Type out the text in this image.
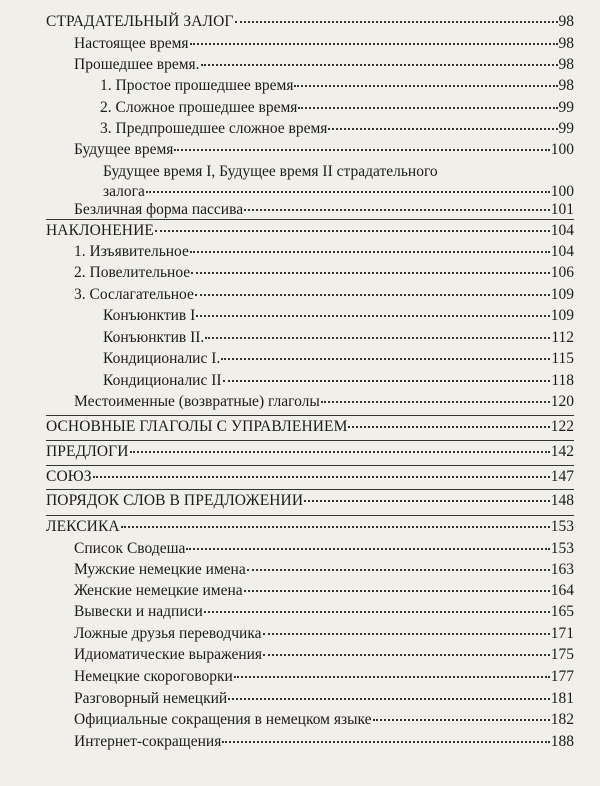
СТРАДАТЕЛЬНЫЙ ЗАЛОГ	98
Настоящее время	98
Прошедшее время.	98
1. Простое прошедшее время	98
2. Сложное прошедшее время	99
3. Предпрошедшее сложное время	99
Будущее время	100
Будущее время I, Будущее время II страдательного
залога	100
Безличная форма пассива	101
НАКЛОНЕНИЕ	104
1. Изъявительное	104
2. Повелительное	106
3. Сослагательное	109
Конъюнктив I	109
Конъюнктив II.	112
Кондиционалис I.	115
Кондиционалис II	118
Местоименные (возвратные) глаголы	120
ОСНОВНЫЕ ГЛАГОЛЫ С УПРАВЛЕНИЕМ	122
ПРЕДЛОГИ	142
СОЮЗ	147
ПОРЯДОК СЛОВ В ПРЕДЛОЖЕНИИ	148
ЛЕКСИКА	153
Список Сводеша	153
Мужские немецкие имена	163
Женские немецкие имена	164
Вывески и надписи	165
Ложные друзья переводчика	171
Идиоматические выражения	175
Немецкие скороговорки	177
Разговорный немецкий	181
Официальные сокращения в немецком языке	182
Интернет-сокращения	188
